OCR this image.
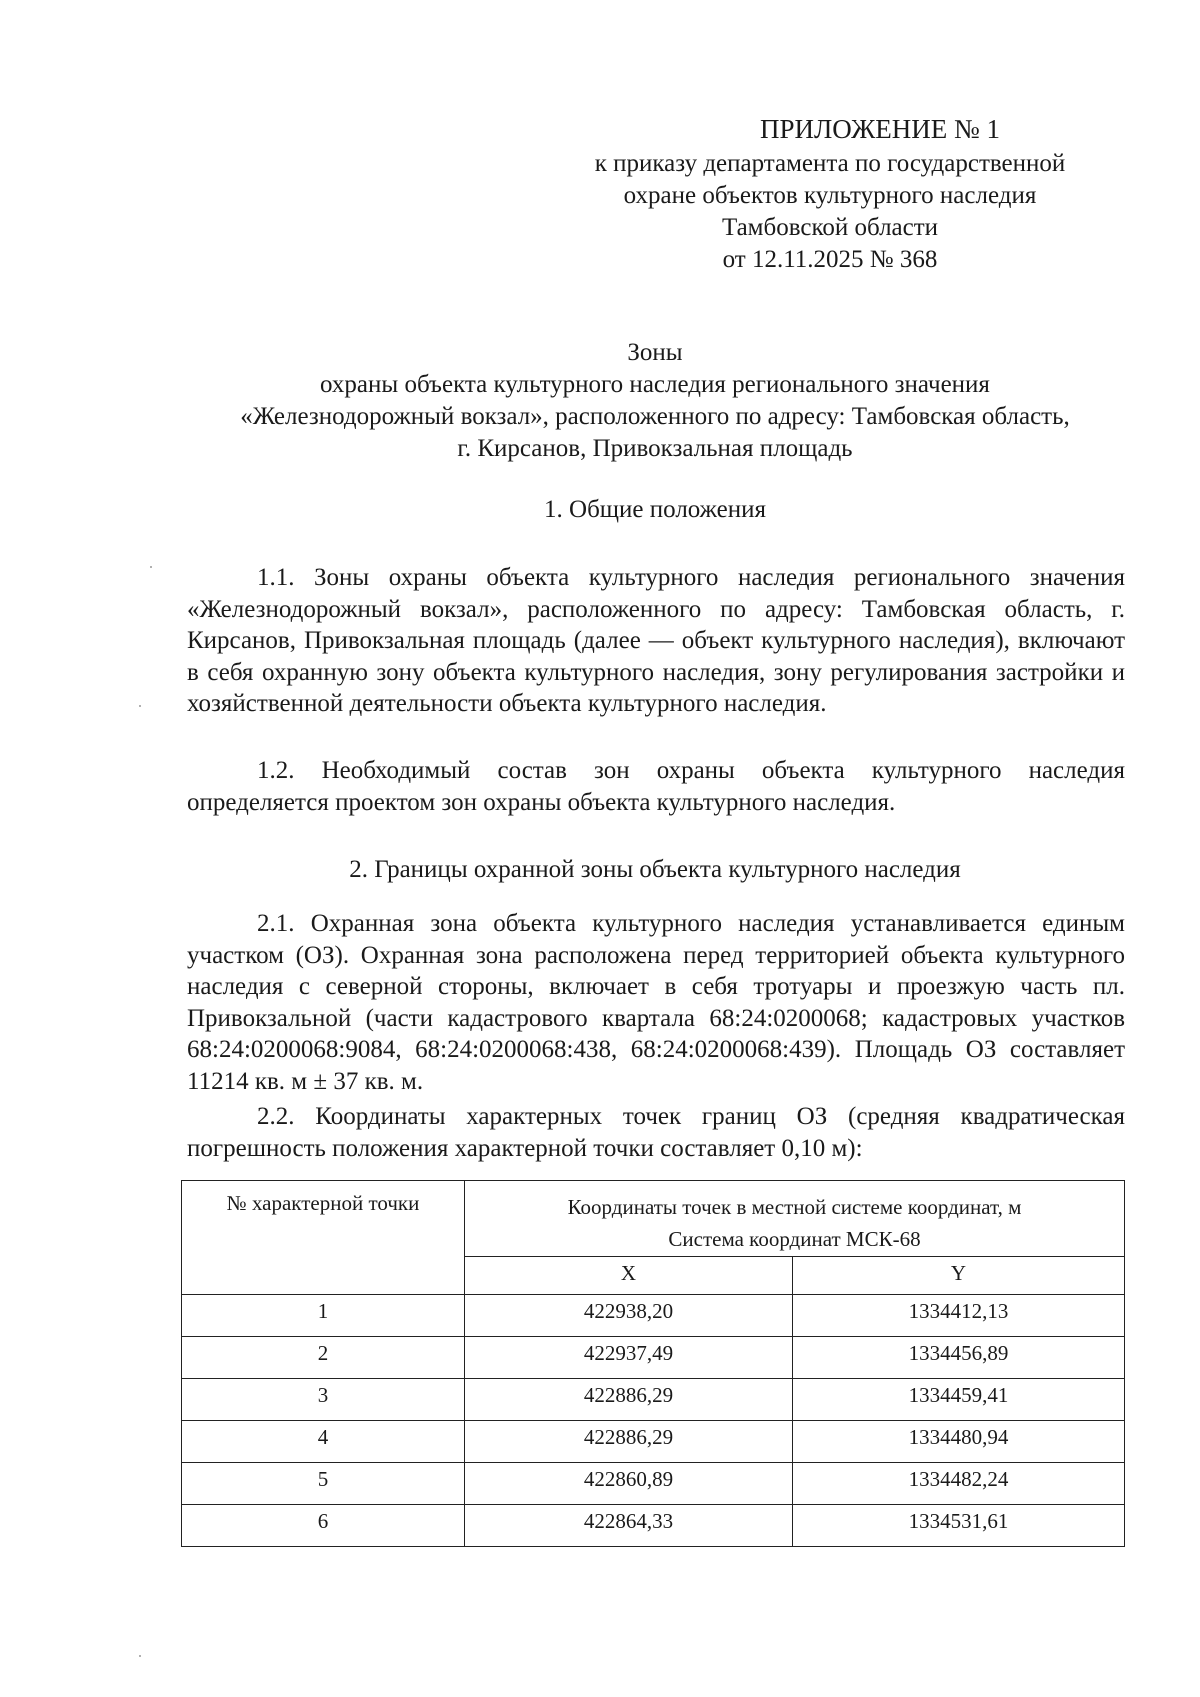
ПРИЛОЖЕНИЕ № 1
к приказу департамента по государственной
охране объектов культурного наследия
Тамбовской области
от 12.11.2025 № 368
Зоны
охраны объекта культурного наследия регионального значения
«Железнодорожный вокзал», расположенного по адресу: Тамбовская область,
г. Кирсанов, Привокзальная площадь
1. Общие положения
1.1. Зоны охраны объекта культурного наследия регионального значения «Железнодорожный вокзал», расположенного по адресу: Тамбовская область, г. Кирсанов, Привокзальная площадь (далее — объект культурного наследия), включают в себя охранную зону объекта культурного наследия, зону регулирования застройки и хозяйственной деятельности объекта культурного наследия.
1.2. Необходимый состав зон охраны объекта культурного наследия определяется проектом зон охраны объекта культурного наследия.
2. Границы охранной зоны объекта культурного наследия
2.1. Охранная зона объекта культурного наследия устанавливается единым участком (ОЗ). Охранная зона расположена перед территорией объекта культурного наследия с северной стороны, включает в себя тротуары и проезжую часть пл. Привокзальной (части кадастрового квартала 68:24:0200068; кадастровых участков 68:24:0200068:9084, 68:24:0200068:438, 68:24:0200068:439). Площадь ОЗ составляет 11214 кв. м ± 37 кв. м.
2.2. Координаты характерных точек границ ОЗ (средняя квадратическая погрешность положения характерной точки составляет 0,10 м):
№ характерной точки	Координаты точек в местной системе координат, м
Система координат МСК-68	

	X	Y
1	422938,20	1334412,13
2	422937,49	1334456,89
3	422886,29	1334459,41
4	422886,29	1334480,94
5	422860,89	1334482,24
6	422864,33	1334531,61
